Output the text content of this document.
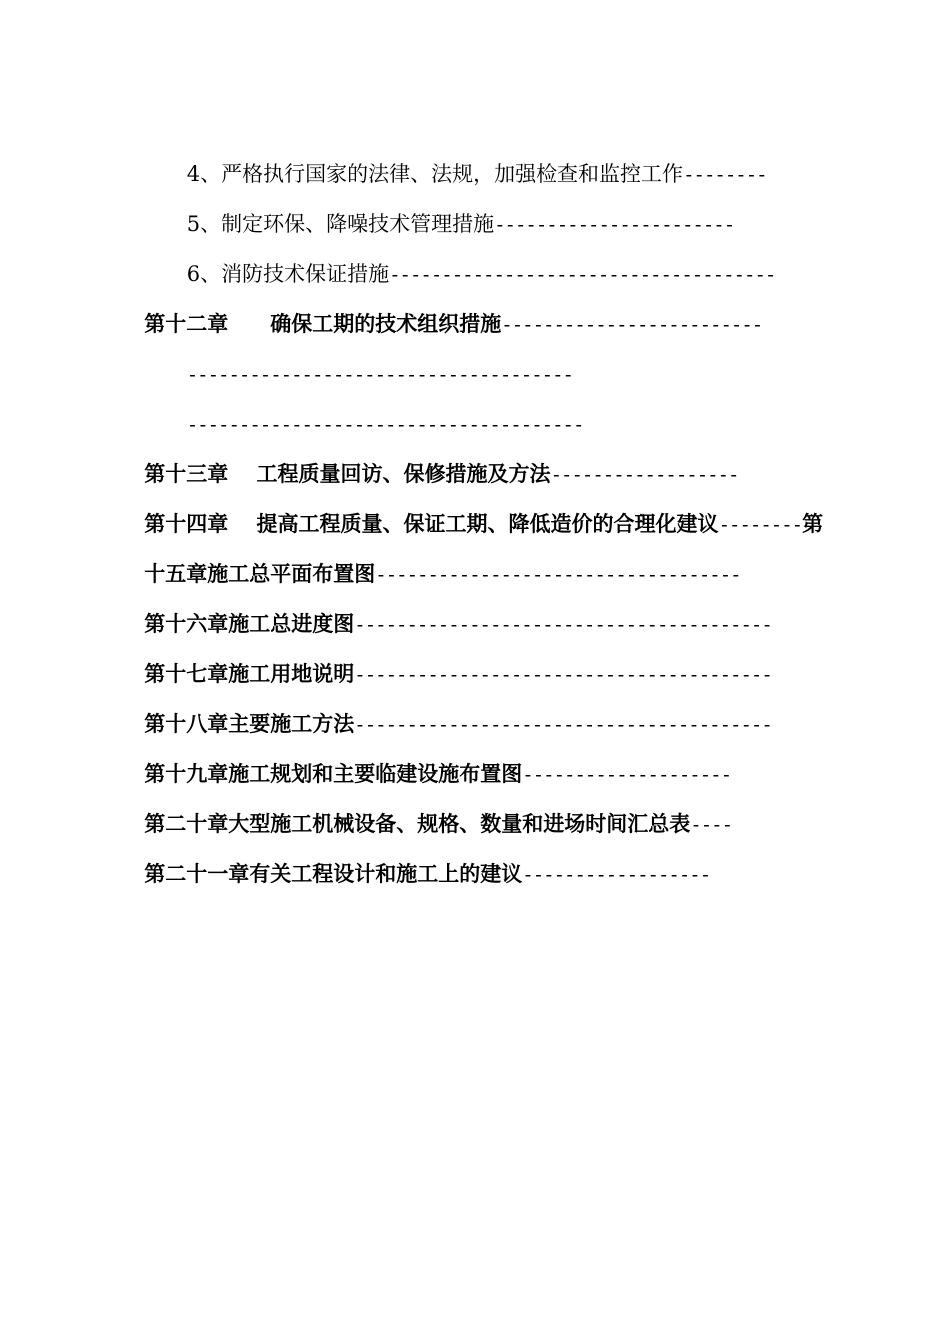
4、严格执行国家的法律、法规，加强检查和监控工作--------

5、制定环保、降噪技术管理措施-----------------------

6、消防技术保证措施-------------------------------------

第十二章　　确保工期的技术组织措施-------------------------

-------------------------------------

--------------------------------------

第十三章　 工程质量回访、保修措施及方法------------------

第十四章　 提高工程质量、保证工期、降低造价的合理化建议--------第

十五章施工总平面布置图-----------------------------------

第十六章施工总进度图----------------------------------------

第十七章施工用地说明----------------------------------------

第十八章主要施工方法----------------------------------------

第十九章施工规划和主要临建设施布置图--------------------

第二十章大型施工机械设备、规格、数量和进场时间汇总表----

第二十一章有关工程设计和施工上的建议------------------
